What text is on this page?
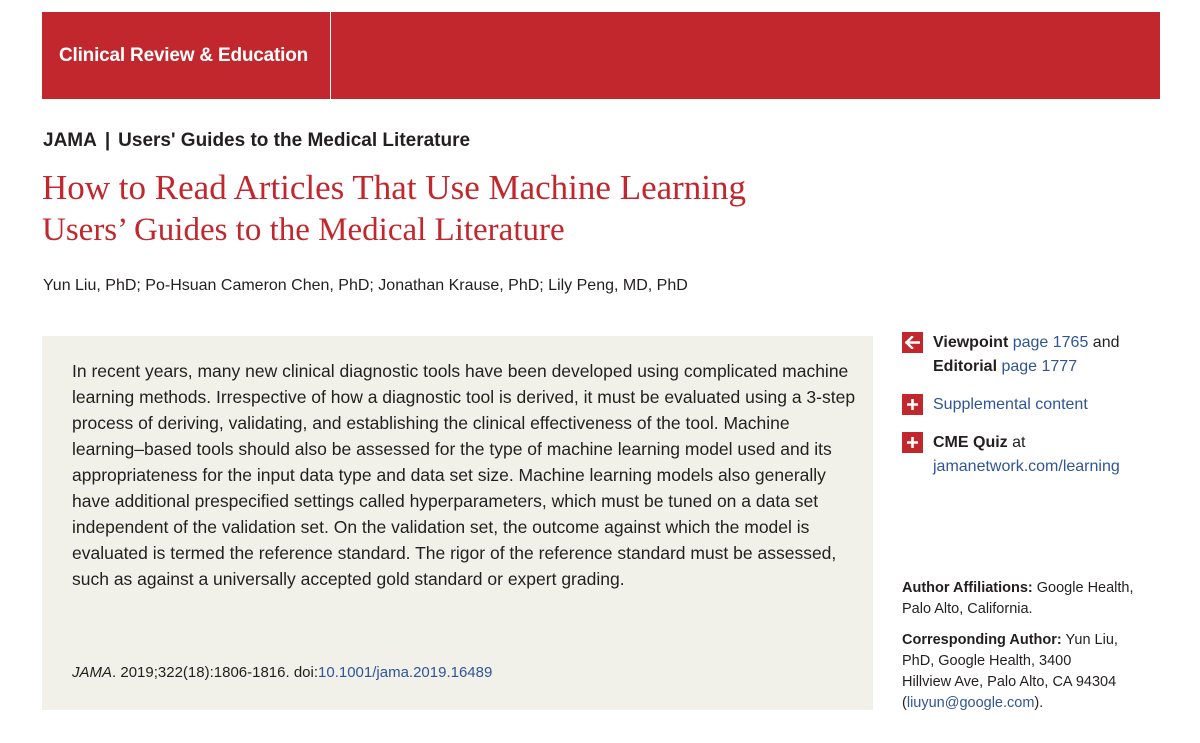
Clinical Review & Education
JAMA | Users' Guides to the Medical Literature
How to Read Articles That Use Machine Learning
Users’ Guides to the Medical Literature
Yun Liu, PhD; Po-Hsuan Cameron Chen, PhD; Jonathan Krause, PhD; Lily Peng, MD, PhD
In recent years, many new clinical diagnostic tools have been developed using complicated machine learning methods. Irrespective of how a diagnostic tool is derived, it must be evaluated using a 3-step process of deriving, validating, and establishing the clinical effectiveness of the tool. Machine learning–based tools should also be assessed for the type of machine learning model used and its appropriateness for the input data type and data set size. Machine learning models also generally have additional prespecified settings called hyperparameters, which must be tuned on a data set independent of the validation set. On the validation set, the outcome against which the model is evaluated is termed the reference standard. The rigor of the reference standard must be assessed, such as against a universally accepted gold standard or expert grading.
JAMA. 2019;322(18):1806-1816. doi:10.1001/jama.2019.16489
Viewpoint page 1765 and
Editorial page 1777
Supplemental content
CME Quiz at
jamanetwork.com/learning
Author Affiliations: Google Health, Palo Alto, California.
Corresponding Author: Yun Liu, PhD, Google Health, 3400 Hillview Ave, Palo Alto, CA 94304 (liuyun@google.com).
